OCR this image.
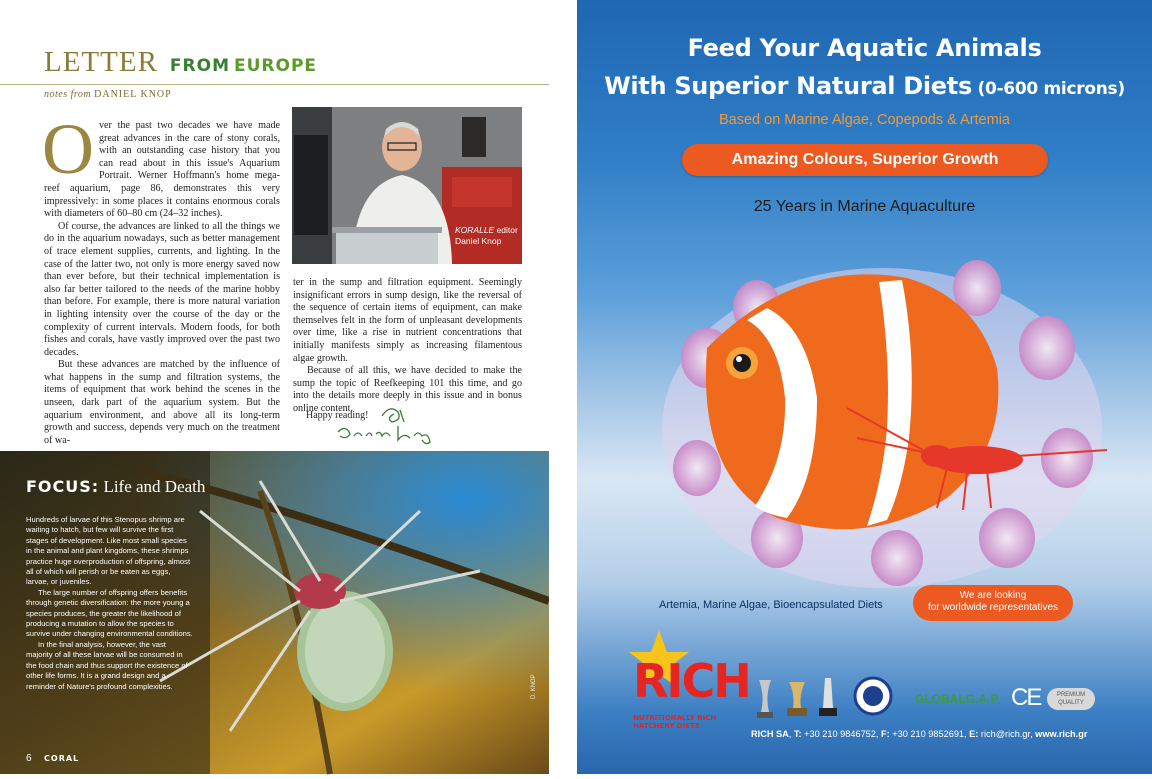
LETTER FROM EUROPE
notes from DANIEL KNOP

Over the past two decades we have made great advances in the care of stony corals, with an outstanding case history that you can read about in this issue's Aquarium Portrait. Werner Hoffmann's home mega-reef aquarium, page 86, demonstrates this very impressively: in some places it contains enormous corals with diameters of 60–80 cm (24–32 inches).

Of course, the advances are linked to all the things we do in the aquarium nowadays, such as better management of trace element supplies, currents, and lighting. In the case of the latter two, not only is more energy saved now than ever before, but their technical implementation is also far better tailored to the needs of the marine hobby than before. For example, there is more natural variation in lighting intensity over the course of the day or the complexity of current intervals. Modern foods, for both fishes and corals, have vastly improved over the past two decades.

But these advances are matched by the influence of what happens in the sump and filtration systems, the items of equipment that work behind the scenes in the unseen, dark part of the aquarium system. But the aquarium environment, and above all its long-term growth and success, depends very much on the treatment of wa-

KORALLE editor
Daniel Knop

ter in the sump and filtration equipment. Seemingly insignificant errors in sump design, like the reversal of the sequence of certain items of equipment, can make themselves felt in the form of unpleasant developments over time, like a rise in nutrient concentrations that initially manifests simply as increasing filamentous algae growth.

Because of all this, we have decided to make the sump the topic of Reefkeeping 101 this time, and go into the details more deeply in this issue and in bonus online content.

Happy reading!
FOCUS: Life and Death

Hundreds of larvae of this Stenopus shrimp are waiting to hatch, but few will survive the first stages of development. Like most small species in the animal and plant kingdoms, these shrimps practice huge overproduction of offspring, almost all of which will perish or be eaten as eggs, larvae, or juveniles.

The large number of offspring offers benefits through genetic diversification: the more young a species produces, the greater the likelihood of producing a mutation to allow the species to survive under changing environmental conditions.

In the final analysis, however, the vast majority of all these larvae will be consumed in the food chain and thus support the existence of other life forms. It is a grand design and a reminder of Nature's profound complexities.	D. KNOP
6 CORAL
Feed Your Aquatic Animals
With Superior Natural Diets (0-600 microns)
Based on Marine Algae, Copepods & Artemia
Amazing Colours, Superior Growth
25 Years in Marine Aquaculture
Artemia, Marine Algae, Bioencapsulated Diets
We are looking
for worldwide representatives
RICH
NUTRITIONALLY RICH
HATCHERY DIETS
GLOBALG.A.P. CE	PREMIUM
QUALITY
RICH SA, T: +30 210 9846752, F: +30 210 9852691, E: rich@rich.gr, www.rich.gr
